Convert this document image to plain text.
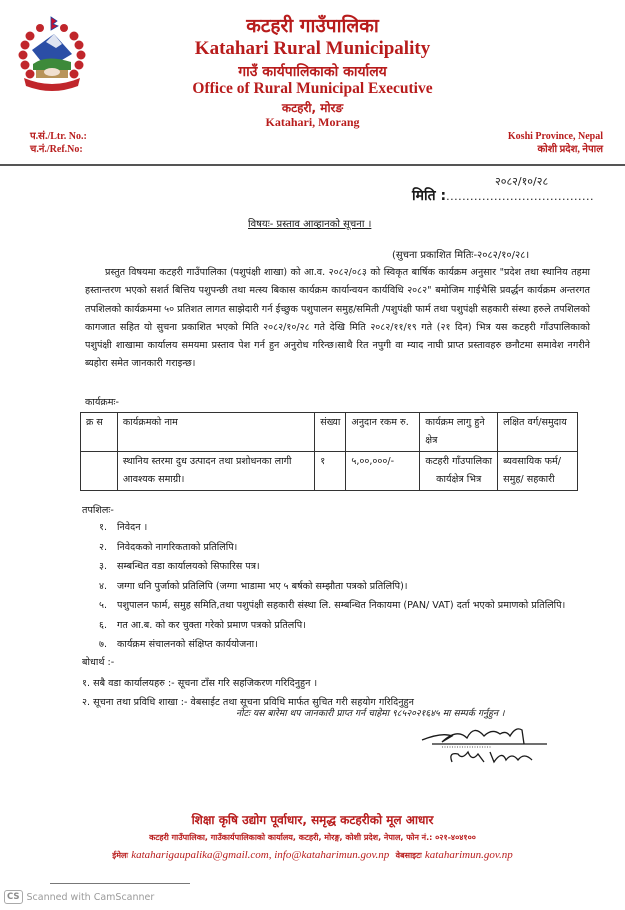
कटहरी गाउँपालिका
Katahari Rural Municipality
गाउँ कार्यपालिकाको कार्यालय
Office of Rural Municipal Executive
कटहरी, मोरङ
Katahari, Morang
प.सं./Ltr. No.:
च.नं./Ref.No:
Koshi Province, Nepal
कोशी प्रदेश, नेपाल
२०८२/१०/२८
मिति :.....................................
विषयः- प्रस्ताव आव्हानको सूचना ।
(सुचना प्रकाशित मितिः-२०८२/१०/२८।

प्रस्तुत विषयमा कटहरी गाउँपालिका (पशुपंक्षी शाखा) को आ.व. २०८२/०८३ को स्विकृत बार्षिक कार्यक्रम अनुसार "प्रदेश तथा स्थानिय तहमा हस्तान्तरण भएको सशर्त बित्तिय पशुपन्छी तथा मत्स्य बिकास कार्यक्रम कार्यान्वयन कार्यविधि २०८२" बमोजिम गाईभैसि प्रवर्द्धन कार्यक्रम अन्तरगत तपशिलको कार्यक्रममा ५० प्रतिशत लागत साझेदारी गर्न ईच्छुक पशुपालन समुह/समिती /पशुपंक्षी फार्म तथा पशुपंक्षी सहकारी संस्था हरुले तपशिलको कागजात सहित यो सुचना प्रकाशित भएको मिति २०८२/१०/२८ गते देखि मिति २०८२/११/१९ गते (२१ दिन) भित्र यस कटहरी गाँउपालिकाको पशुपंक्षी शाखामा कार्यालय समयमा प्रस्ताव पेश गर्न हुन अनुरोध गरिन्छ।साथै रित नपुगी वा म्याद नाघी प्राप्त प्रस्तावहरु छनौटमा समावेश नगरीने ब्यहोरा समेत जानकारी गराइन्छ।

कार्यक्रमः-
क्र स	कार्यक्रमको नाम	संख्या	अनुदान रकम रु.	कार्यक्रम लागु हुने क्षेत्र	लक्षित वर्ग/समुदाय
	स्थानिय स्तरमा दुध उत्पादन तथा प्रशोधनका लागी आवश्यक समाग्री।	१	५,००,०००/-	कटहरी गाँउपालिका कार्यक्षेत्र भित्र	ब्यवसायिक फर्म/समुह/ सहकारी
तपशिलः-
१.	निवेदन ।
२.	निवेदकको नागरिकताको प्रतिलिपि।
३.	सम्बन्धित वडा कार्यालयको सिफारिस पत्र।
४.	जग्गा धनि पुर्जाको प्रतिलिपि (जग्गा भाडामा भए ५ बर्षको सम्झौता पत्रको प्रतिलिपि)।
५.	पशुपालन फार्म, समुह समिति,तथा पशुपंक्षी सहकारी संस्था लि. सम्बन्धित निकायमा (PAN/ VAT) दर्ता भएको प्रमाणको प्रतिलिपि।
६.	गत आ.ब. को कर चुक्ता गरेको प्रमाण पत्रको प्रतिलपि।
७.	कार्यक्रम संचालनको संक्षिप्त कार्ययोजना।
बोधार्थ :-
१. सबै वडा कार्यालयहरु :- सूचना टाँस गरि सहजिकरण गरिदिनुहुन ।
२. सूचना तथा प्रविधि शाखा :- वेबसाईट तथा सूचना प्रविधि मार्फत सुचित गरी सहयोग गरिदिनुहुन
नोटः यस बारेमा थप जानकारी प्राप्त गर्न चाहेमा ९८५२०२१६४५ मा सम्पर्क गर्नुहुन ।
शिक्षा कृषि उद्योग पूर्वाधार, समृद्ध कटहरीको मूल आधार
कटहरी गाउँपालिका, गाउँकार्यपालिकाको कार्यालय, कटहरी, मोरङ्ग, कोशी प्रदेश, नेपाल, फोन नं.: ०२१-४०४१००
ईमेलः kataharigaupalika@gmail.com, info@kataharimun.gov.np वेबसाइटः kataharimun.gov.np
CS Scanned with CamScanner
